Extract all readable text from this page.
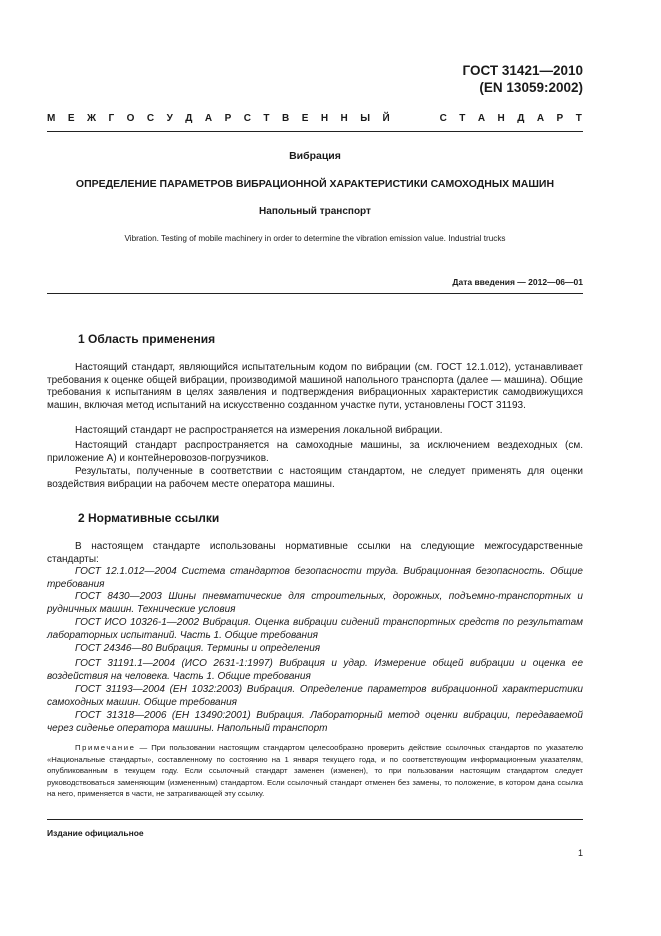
ГОСТ 31421—2010
(EN 13059:2002)
М Е Ж Г О С У Д А Р С Т В Е Н Н Ы Й	С Т А Н Д А Р Т
Вибрация
ОПРЕДЕЛЕНИЕ ПАРАМЕТРОВ ВИБРАЦИОННОЙ ХАРАКТЕРИСТИКИ САМОХОДНЫХ МАШИН
Напольный транспорт
Vibration. Testing of mobile machinery in order to determine the vibration emission value. Industrial trucks
Дата введения — 2012—06—01
1 Область применения
Настоящий стандарт, являющийся испытательным кодом по вибрации (см. ГОСТ 12.1.012), устанавливает требования к оценке общей вибрации, производимой машиной напольного транспорта (далее — машина). Общие требования к испытаниям в целях заявления и подтверждения вибрационных характеристик самодвижущихся машин, включая метод испытаний на искусственно созданном участке пути, установлены ГОСТ 31193.
Настоящий стандарт не распространяется на измерения локальной вибрации.
Настоящий стандарт распространяется на самоходные машины, за исключением вездеходных (см. приложение А) и контейнеровозов-погрузчиков.
Результаты, полученные в соответствии с настоящим стандартом, не следует применять для оценки воздействия вибрации на рабочем месте оператора машины.
2 Нормативные ссылки
В настоящем стандарте использованы нормативные ссылки на следующие межгосударственные стандарты:
ГОСТ 12.1.012—2004 Система стандартов безопасности труда. Вибрационная безопасность. Общие требования
ГОСТ 8430—2003 Шины пневматические для строительных, дорожных, подъемно-транспортных и рудничных машин. Технические условия
ГОСТ ИСО 10326-1—2002 Вибрация. Оценка вибрации сидений транспортных средств по результатам лабораторных испытаний. Часть 1. Общие требования
ГОСТ 24346—80 Вибрация. Термины и определения
ГОСТ 31191.1—2004 (ИСО 2631-1:1997) Вибрация и удар. Измерение общей вибрации и оценка ее воздействия на человека. Часть 1. Общие требования
ГОСТ 31193—2004 (ЕН 1032:2003) Вибрация. Определение параметров вибрационной характеристики самоходных машин. Общие требования
ГОСТ 31318—2006 (ЕН 13490:2001) Вибрация. Лабораторный метод оценки вибрации, передаваемой через сиденье оператора машины. Напольный транспорт
Примечание — При пользовании настоящим стандартом целесообразно проверить действие ссылочных стандартов по указателю «Национальные стандарты», составленному по состоянию на 1 января текущего года, и по соответствующим информационным указателям, опубликованным в текущем году. Если ссылочный стандарт заменен (изменен), то при пользовании настоящим стандартом следует руководствоваться заменяющим (измененным) стандартом. Если ссылочный стандарт отменен без замены, то положение, в котором дана ссылка на него, применяется в части, не затрагивающей эту ссылку.
Издание официальное
1
